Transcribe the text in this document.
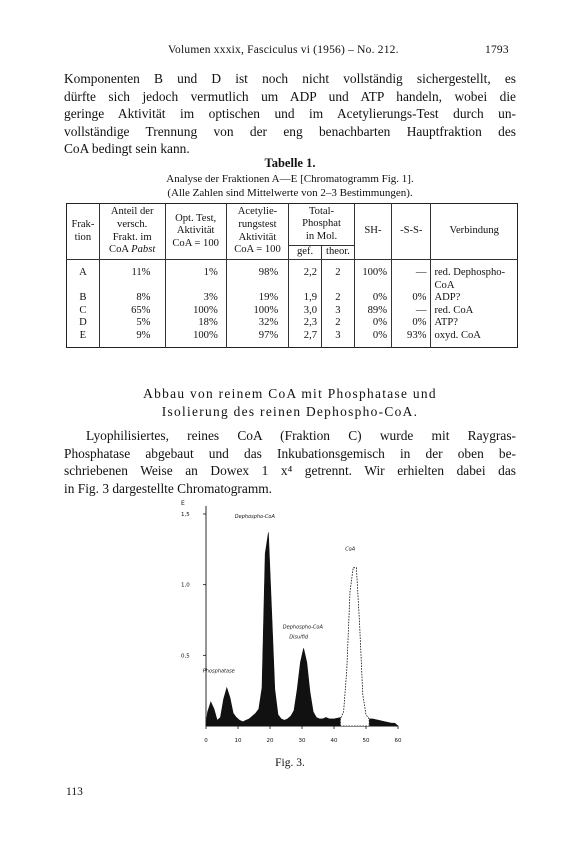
Volumen xxxix, Fasciculus vi (1956) – No. 212.	1793
Komponenten B und D ist noch nicht vollständig sichergestellt, es
dürfte sich jedoch vermutlich um ADP und ATP handeln, wobei die
geringe Aktivität im optischen und im Acetylierungs-Test durch un-
vollständige Trennung von der eng benachbarten Hauptfraktion des
CoA bedingt sein kann.
Tabelle 1.
Analyse der Fraktionen A—E [Chromatogramm Fig. 1].
(Alle Zahlen sind Mittelwerte von 2–3 Bestimmungen).
Frak-
tion	Anteil der
versch.
Frakt. im
CoA Pabst	Opt. Test,
Aktivität
CoA = 100	Acetylie-
rungstest
Aktivität
CoA = 100	Total-
Phosphat
in Mol.		SH-	-S-S-	Verbindung
				gef.	theor.			
A	11%	1%	98%	2,2	2	100%	—	red. Dephospho-
CoA
B	8%	3%	19%	1,9	2	0%	0%	ADP?
C	65%	100%	100%	3,0	3	89%	—	red. CoA
D	5%	18%	32%	2,3	2	0%	0%	ATP?
E	9%	100%	97%	2,7	3	0%	93%	oxyd. CoA
Abbau von reinem CoA mit Phosphatase und
Isolierung des reinen Dephospho-CoA.
Lyophilisiertes, reines CoA (Fraktion C) wurde mit Raygras-
Phosphatase abgebaut und das Inkubationsgemisch in der oben be-
schriebenen Weise an Dowex 1 x⁴ getrennt. Wir erhielten dabei das
in Fig. 3 dargestellte Chromatogramm.
0,5
1,0
1,5
E
0	10	20	30	40	50	60
Dephospho-CoA
CoA
Dephospho-CoA
Disulfid
Phosphatase
Fig. 3.
113
